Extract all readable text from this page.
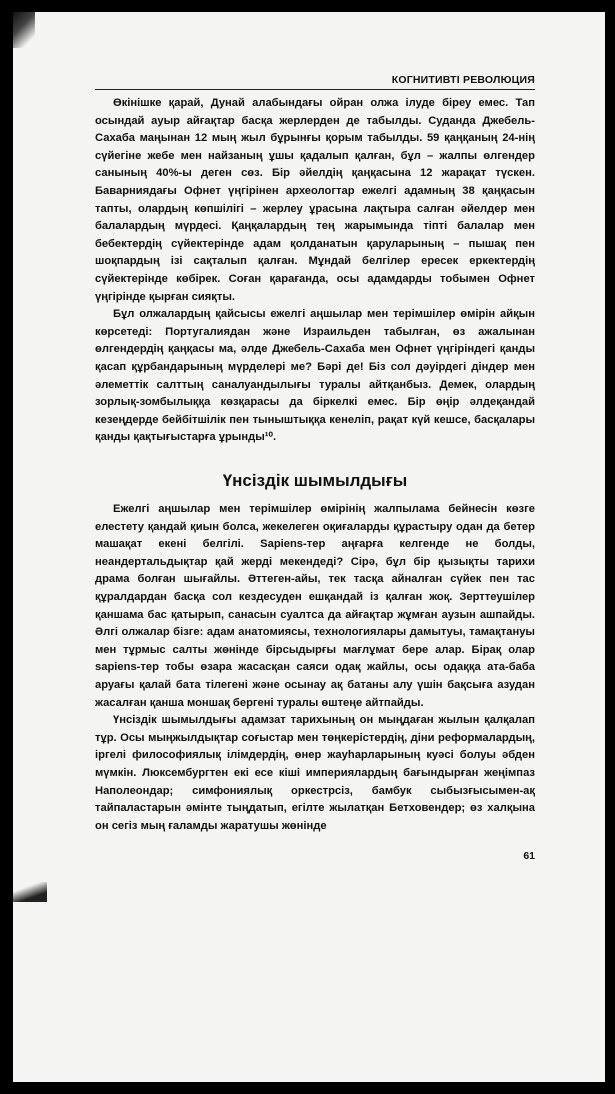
КОГНИТИВТІ РЕВОЛЮЦИЯ

Өкінішке қарай, Дунай алабындағы ойран олжа ілуде біреу емес. Тап осындай ауыр айғақтар басқа жерлерден де табылды. Суданда Джебель-Сахаба маңынан 12 мың жыл бұрынғы қорым табылды. 59 қаңқаның 24-нің сүйегіне жебе мен найзаның ұшы қадалып қалған, бұл – жалпы өлгендер санының 40%-ы деген сөз. Бір әйелдің қаңқасына 12 жарақат түскен. Баварниядағы Офнет үңгірінен археологтар ежелгі адамның 38 қаңқасын тапты, олардың көпшілігі – жерлеу ұрасына лақтыра салған әйелдер мен балалардың мүрдесі. Қаңқалардың тең жарымында тіпті балалар мен бебектердің сүйектерінде адам қолданатын қаруларының – пышақ пен шоқпардың ізі сақталып қалған. Мұндай белгілер ересек еркектердің сүйектерінде көбірек. Соған қарағанда, осы адамдарды тобымен Офнет үңгірінде қырған сияқты.

Бұл олжалардың қайсысы ежелгі аңшылар мен терімшілер өмірін айқын көрсетеді: Португалиядан және Израильден табылған, өз ажалынан өлгендердің қаңқасы ма, әлде Джебель-Сахаба мен Офнет үңгіріндегі қанды қасап құрбандарының мүрделері ме? Бәрі де! Біз сол дәуірдегі діндер мен әлеметтік салттың саналуандылығы туралы айтқанбыз. Демек, олардың зорлық-зомбылыққа көзқарасы да біркелкі емес. Бір өңір әлдеқандай кезеңдерде бейбітшілік пен тыныштыққа кенеліп, рақат күй кешсе, басқалары қанды қақтығыстарға ұрынды¹⁰.

Үнсіздік шымылдығы

Ежелгі аңшылар мен терімшілер өмірінің жалпылама бейнесін көзге елестету қандай қиын болса, жекелеген оқиғаларды құрастыру одан да бетер машақат екені белгілі. Sapiens-тер аңғарға келгенде не болды, неандертальдықтар қай жерді мекендеді? Сірә, бұл бір қызықты тарихи драма болған шығайлы. Әттеген-айы, тек тасқа айналған сүйек пен тас құралдардан басқа сол кездесуден ешқандай із қалған жоқ. Зерттеушілер қаншама бас қатырып, санасын суалтса да айғақтар жұмған аузын ашпайды. Әлгі олжалар бізге: адам анатомиясы, технологиялары дамытуы, тамақтануы мен тұрмыс салты жөнінде бірсыдырғы мағлұмат бере алар. Бірақ олар sapiens-тер тобы өзара жасасқан саяси одақ жайлы, осы одаққа ата-баба аруағы қалай бата тілегені және осынау ақ батаны алу үшін бақсыға азудан жасалған қанша моншақ бергені туралы өштеңе айтпайды.

Үнсіздік шымылдығы адамзат тарихының он мыңдаған жылын қалқалап тұр. Осы мыңжылдықтар соғыстар мен төңкерістердің, діни реформалардың, іргелі философиялық ілімдердің, өнер жауһарларының куәсі болуы әбден мүмкін. Люксембургтен екі есе кіші империялардың бағындырған жеңімпаз Наполеондар; симфониялық оркестрсіз, бамбук сыбызғысымен-ақ тайпаластарын әмінте тыңдатып, егілте жылатқан Бетховендер; өз халқына он сегіз мың ғаламды жаратушы жөнінде

61
